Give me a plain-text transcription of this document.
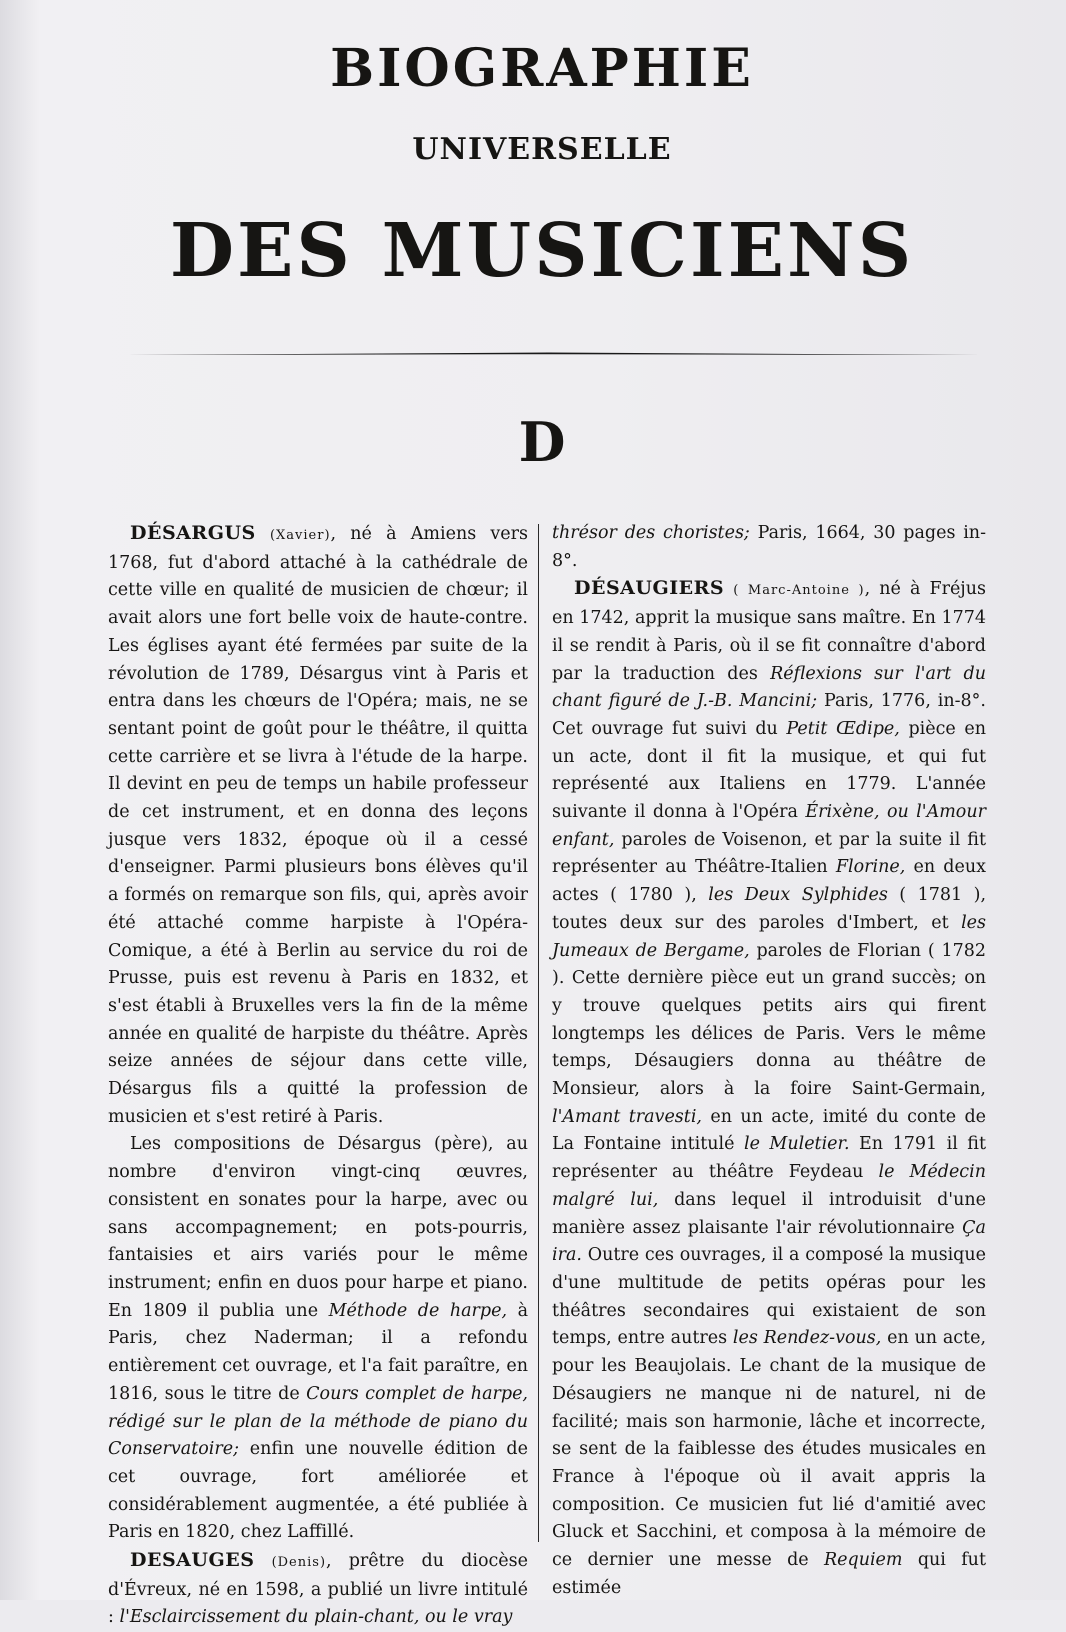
BIOGRAPHIE
UNIVERSELLE
DES MUSICIENS
D

DÉSARGUS (Xavier), né à Amiens vers 1768, fut d'abord attaché à la cathédrale de cette ville en qualité de musicien de chœur; il avait alors une fort belle voix de haute-contre. Les églises ayant été fermées par suite de la révolution de 1789, Désargus vint à Paris et entra dans les chœurs de l'Opéra; mais, ne se sentant point de goût pour le théâtre, il quitta cette carrière et se livra à l'étude de la harpe. Il devint en peu de temps un habile professeur de cet instrument, et en donna des leçons jusque vers 1832, époque où il a cessé d'enseigner. Parmi plusieurs bons élèves qu'il a formés on remarque son fils, qui, après avoir été attaché comme harpiste à l'Opéra-Comique, a été à Berlin au service du roi de Prusse, puis est revenu à Paris en 1832, et s'est établi à Bruxelles vers la fin de la même année en qualité de harpiste du théâtre. Après seize années de séjour dans cette ville, Désargus fils a quitté la profession de musicien et s'est retiré à Paris.

Les compositions de Désargus (père), au nombre d'environ vingt-cinq œuvres, consistent en sonates pour la harpe, avec ou sans accompagnement; en pots-pourris, fantaisies et airs variés pour le même instrument; enfin en duos pour harpe et piano. En 1809 il publia une Méthode de harpe, à Paris, chez Naderman; il a refondu entièrement cet ouvrage, et l'a fait paraître, en 1816, sous le titre de Cours complet de harpe, rédigé sur le plan de la méthode de piano du Conservatoire; enfin une nouvelle édition de cet ouvrage, fort améliorée et considérablement augmentée, a été publiée à Paris en 1820, chez Laffillé.

DESAUGES (Denis), prêtre du diocèse d'Évreux, né en 1598, a publié un livre intitulé : l'Esclaircissement du plain-chant, ou le vray

thrésor des choristes; Paris, 1664, 30 pages in-8°.

DÉSAUGIERS ( Marc-Antoine ), né à Fréjus en 1742, apprit la musique sans maître. En 1774 il se rendit à Paris, où il se fit connaître d'abord par la traduction des Réflexions sur l'art du chant figuré de J.-B. Mancini; Paris, 1776, in-8°. Cet ouvrage fut suivi du Petit Œdipe, pièce en un acte, dont il fit la musique, et qui fut représenté aux Italiens en 1779. L'année suivante il donna à l'Opéra Érixène, ou l'Amour enfant, paroles de Voisenon, et par la suite il fit représenter au Théâtre-Italien Florine, en deux actes ( 1780 ), les Deux Sylphides ( 1781 ), toutes deux sur des paroles d'Imbert, et les Jumeaux de Bergame, paroles de Florian ( 1782 ). Cette dernière pièce eut un grand succès; on y trouve quelques petits airs qui firent longtemps les délices de Paris. Vers le même temps, Désaugiers donna au théâtre de Monsieur, alors à la foire Saint-Germain, l'Amant travesti, en un acte, imité du conte de La Fontaine intitulé le Muletier. En 1791 il fit représenter au théâtre Feydeau le Médecin malgré lui, dans lequel il introduisit d'une manière assez plaisante l'air révolutionnaire Ça ira. Outre ces ouvrages, il a composé la musique d'une multitude de petits opéras pour les théâtres secondaires qui existaient de son temps, entre autres les Rendez-vous, en un acte, pour les Beaujolais. Le chant de la musique de Désaugiers ne manque ni de naturel, ni de facilité; mais son harmonie, lâche et incorrecte, se sent de la faiblesse des études musicales en France à l'époque où il avait appris la composition. Ce musicien fut lié d'amitié avec Gluck et Sacchini, et composa à la mémoire de ce dernier une messe de Requiem qui fut estimée
